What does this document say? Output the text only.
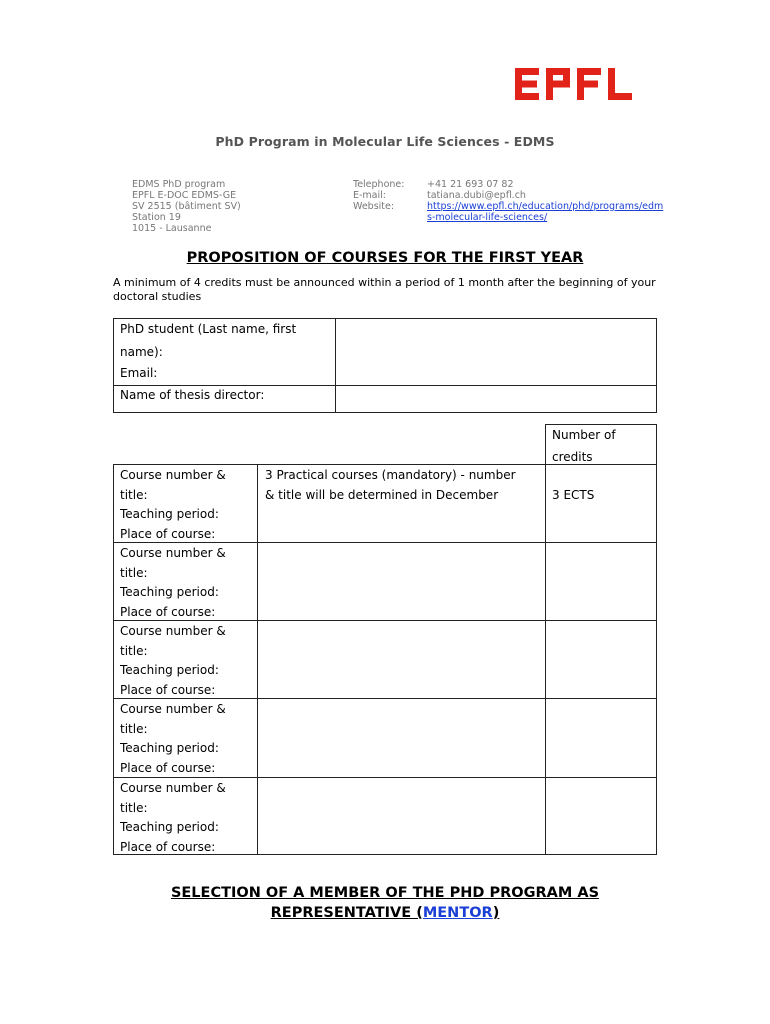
PhD Program in Molecular Life Sciences - EDMS
EDMS PhD program
EPFL E-DOC EDMS-GE
SV 2515 (bâtiment SV)
Station 19
1015 - Lausanne
Telephone:
E-mail:
Website:
+41 21 693 07 82
tatiana.dubi@epfl.ch
https://www.epfl.ch/education/phd/programs/edm
s-molecular-life-sciences/
PROPOSITION OF COURSES FOR THE FIRST YEAR
A minimum of 4 credits must be announced within a period of 1 month after the beginning of your doctoral studies
PhD student (Last name, first
name):
Email:
Name of thesis director:
Number of
credits
Course number &
title:
Teaching period:
Place of course:
3 Practical courses (mandatory) - number
& title will be determined in December	3 ECTS
Course number &
title:
Teaching period:
Place of course:
Course number &
title:
Teaching period:
Place of course:
Course number &
title:
Teaching period:
Place of course:
Course number &
title:
Teaching period:
Place of course:
SELECTION OF A MEMBER OF THE PHD PROGRAM AS
REPRESENTATIVE (MENTOR)
